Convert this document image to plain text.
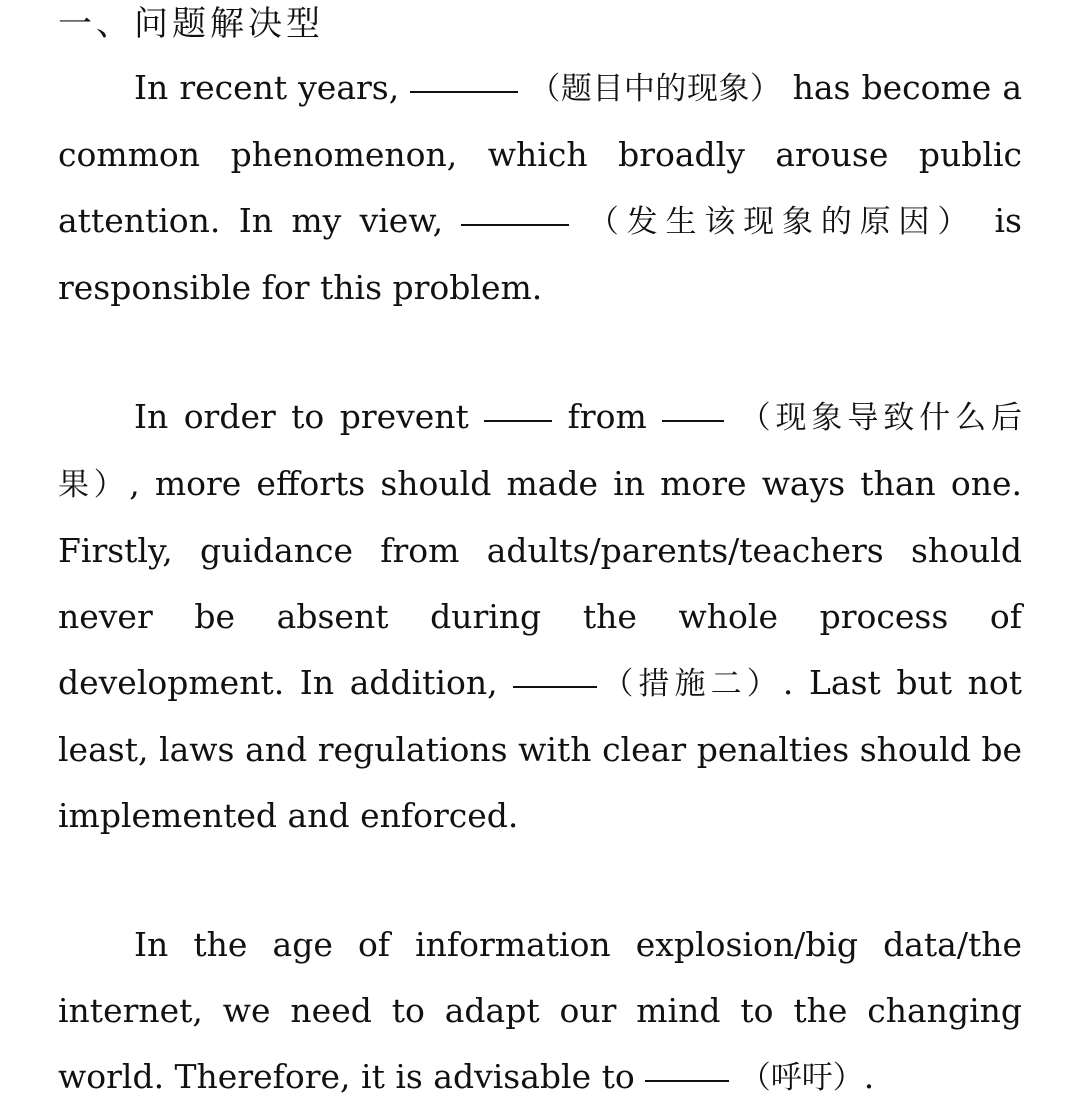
一、问题解决型

In recent years,	（题目中的现象） has become a common phenomenon, which broadly arouse public attention. In my view,	（发生该现象的原因） is responsible for this problem.

In order to prevent  from  （现象导致什么后果）, more efforts should made in more ways than one. Firstly, guidance from adults/parents/teachers should never be absent during the whole process of development. In addition,	（措施二）. Last but not least, laws and regulations with clear penalties should be implemented and enforced.

In the age of information explosion/big data/the internet, we need to adapt our mind to the changing world. Therefore, it is advisable to	（呼吁）.
